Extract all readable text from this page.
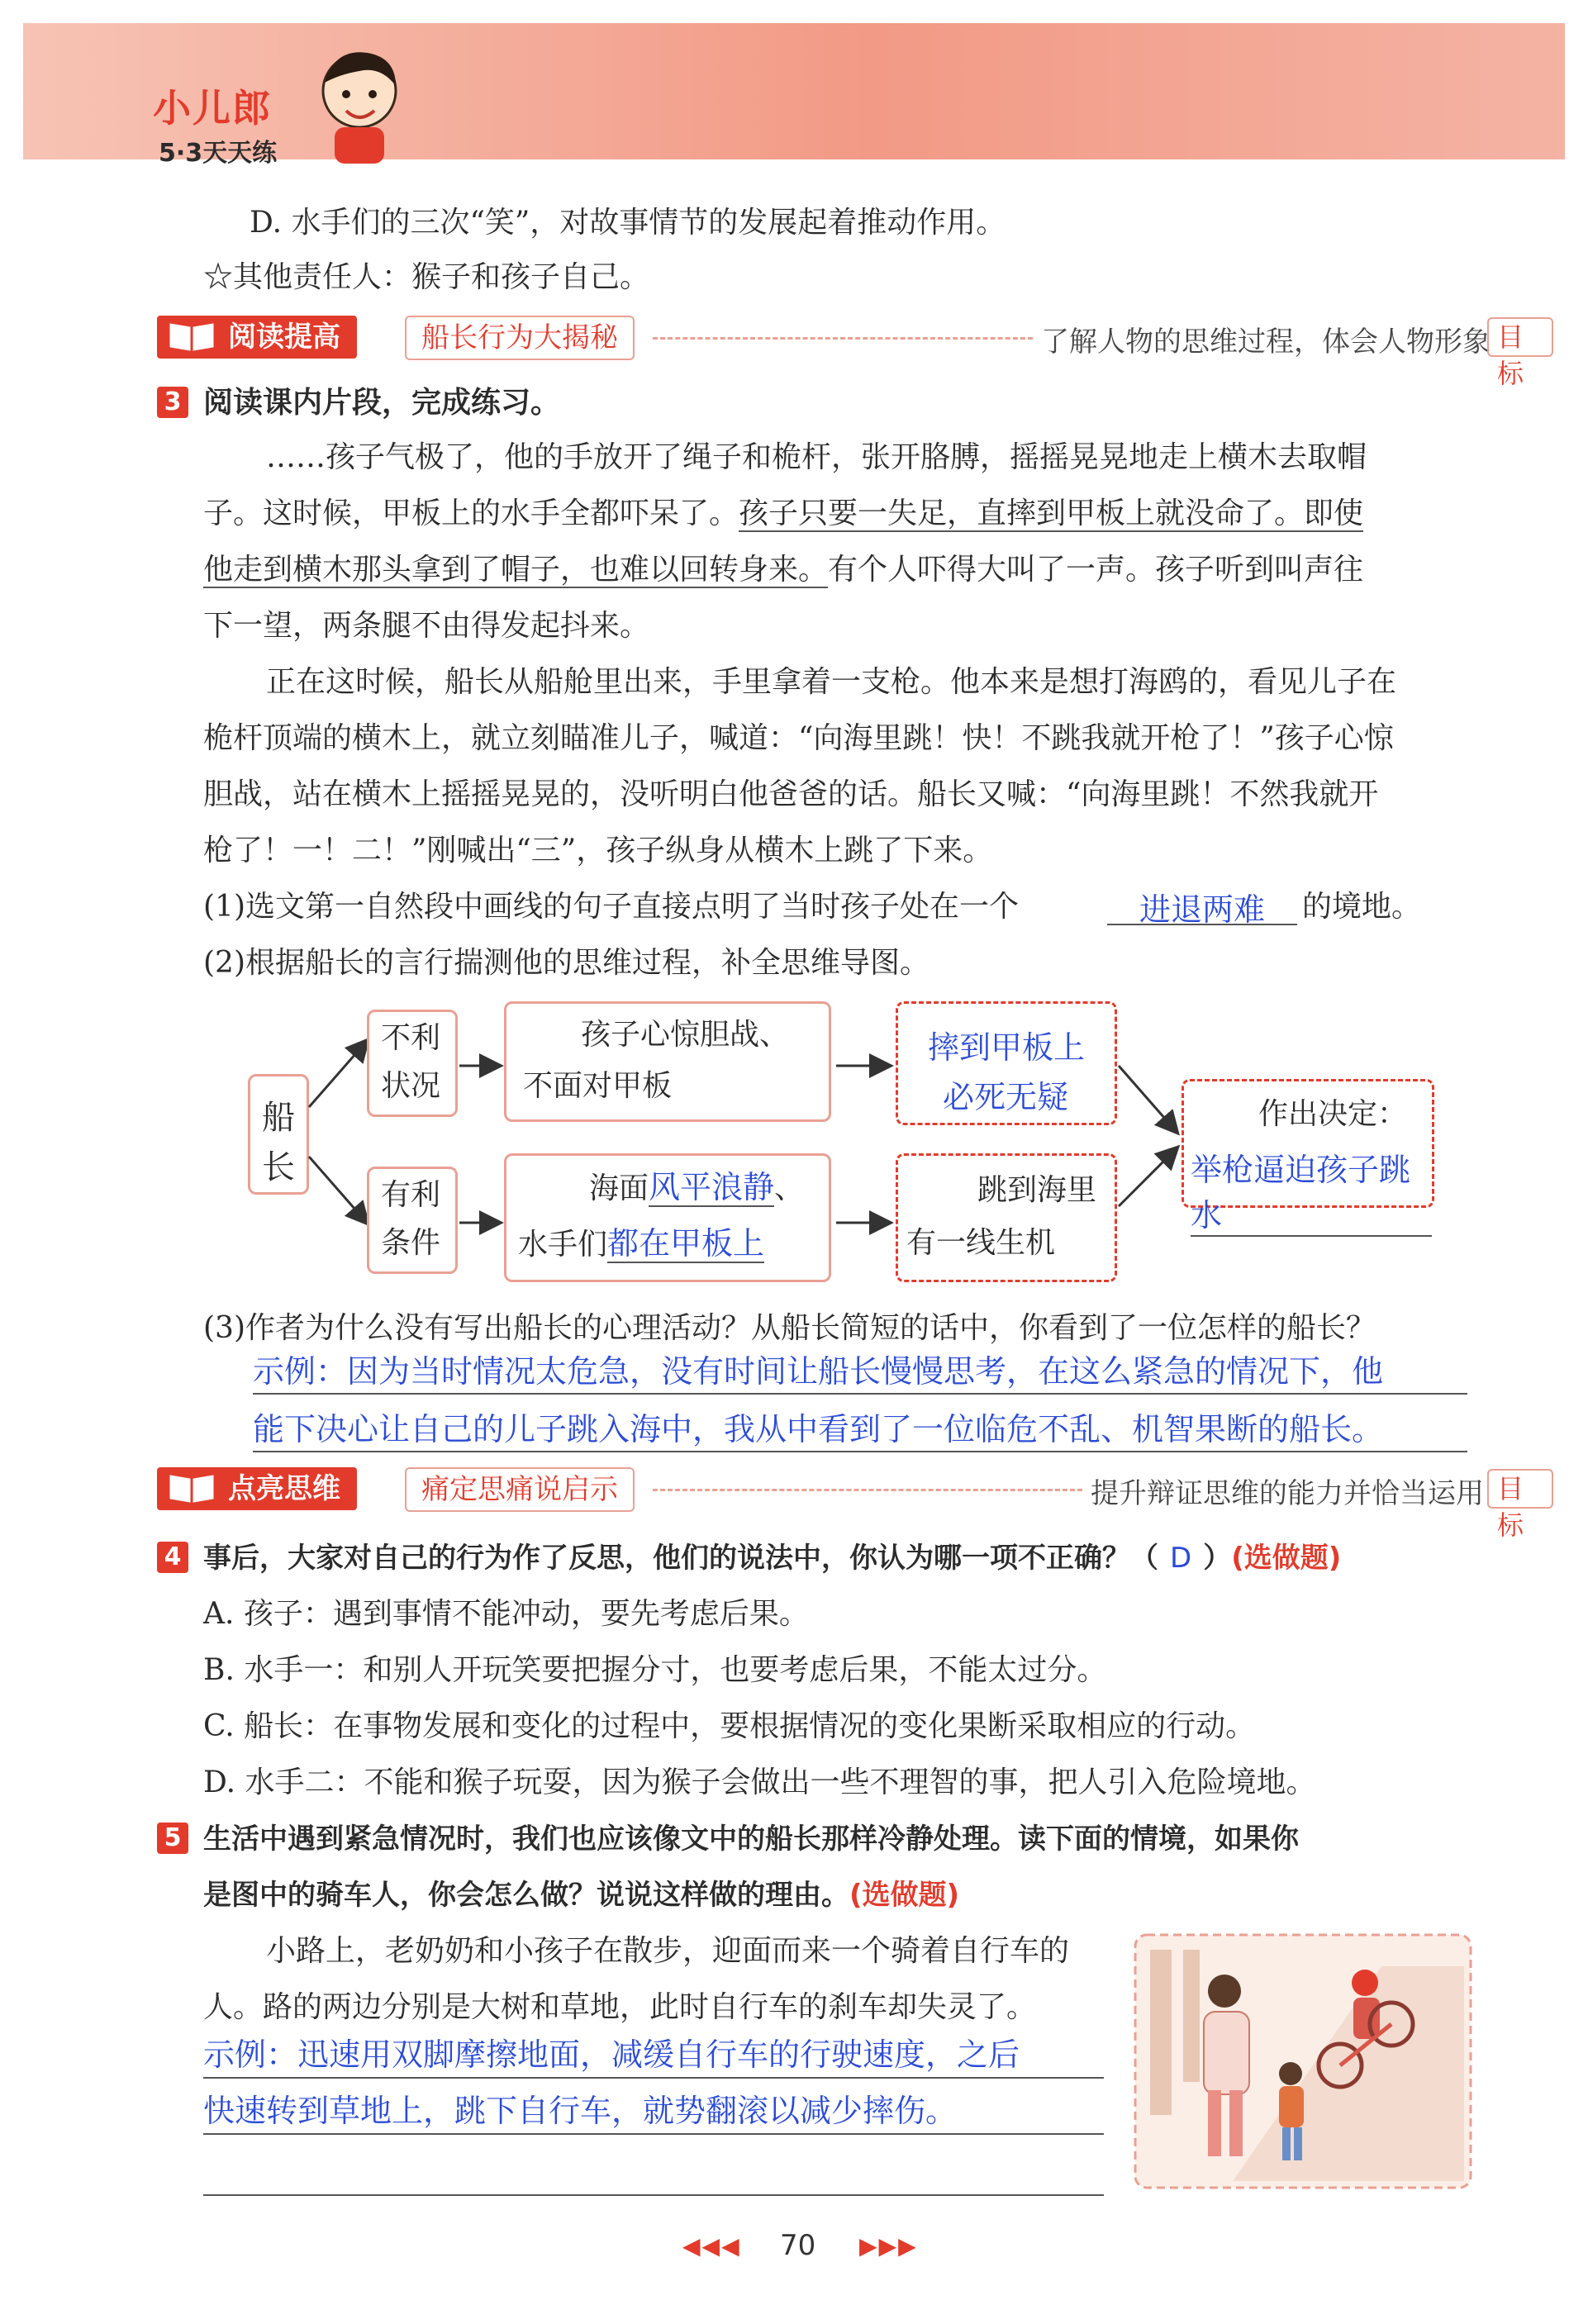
小儿郎
5·3天天练
D. 水手们的三次“笑”，对故事情节的发展起着推动作用。
☆其他责任人：猴子和孩子自己。
阅读提高	船长行为大揭秘	了解人物的思维过程，体会人物形象 目标
3 阅读课内片段，完成练习。
……孩子气极了，他的手放开了绳子和桅杆，张开胳膊，摇摇晃晃地走上横木去取帽
子。这时候，甲板上的水手全都吓呆了。孩子只要一失足，直摔到甲板上就没命了。即使
他走到横木那头拿到了帽子，也难以回转身来。有个人吓得大叫了一声。孩子听到叫声往
下一望，两条腿不由得发起抖来。
正在这时候，船长从船舱里出来，手里拿着一支枪。他本来是想打海鸥的，看见儿子在
桅杆顶端的横木上，就立刻瞄准儿子，喊道：“向海里跳！快！不跳我就开枪了！”孩子心惊
胆战，站在横木上摇摇晃晃的，没听明白他爸爸的话。船长又喊：“向海里跳！不然我就开
枪了！一！二！”刚喊出“三”，孩子纵身从横木上跳了下来。
(1)选文第一自然段中画线的句子直接点明了当时孩子处在一个	进退两难	的境地。
(2)根据船长的言行揣测他的思维过程，补全思维导图。
船
长
不利
状况
孩子心惊胆战、
不面对甲板
摔到甲板上
必死无疑
有利
条件
海面风平浪静、
水手们都在甲板上
跳到海里
有一线生机
作出决定：
举枪逼迫孩子跳水
(3)作者为什么没有写出船长的心理活动？从船长简短的话中，你看到了一位怎样的船长？
示例：因为当时情况太危急，没有时间让船长慢慢思考，在这么紧急的情况下，他
能下决心让自己的儿子跳入海中，我从中看到了一位临危不乱、机智果断的船长。
点亮思维	痛定思痛说启示	提升辩证思维的能力并恰当运用 目标
4 事后，大家对自己的行为作了反思，他们的说法中，你认为哪一项不正确？（ D ）(选做题)
A. 孩子：遇到事情不能冲动，要先考虑后果。
B. 水手一：和别人开玩笑要把握分寸，也要考虑后果，不能太过分。
C. 船长：在事物发展和变化的过程中，要根据情况的变化果断采取相应的行动。
D. 水手二：不能和猴子玩耍，因为猴子会做出一些不理智的事，把人引入危险境地。
5 生活中遇到紧急情况时，我们也应该像文中的船长那样冷静处理。读下面的情境，如果你
是图中的骑车人，你会怎么做？说说这样做的理由。(选做题)
小路上，老奶奶和小孩子在散步，迎面而来一个骑着自行车的
人。路的两边分别是大树和草地，此时自行车的刹车却失灵了。
示例：迅速用双脚摩擦地面，减缓自行车的行驶速度，之后
快速转到草地上，跳下自行车，就势翻滚以减少摔伤。
◀◀◀ 70 ▶▶▶
